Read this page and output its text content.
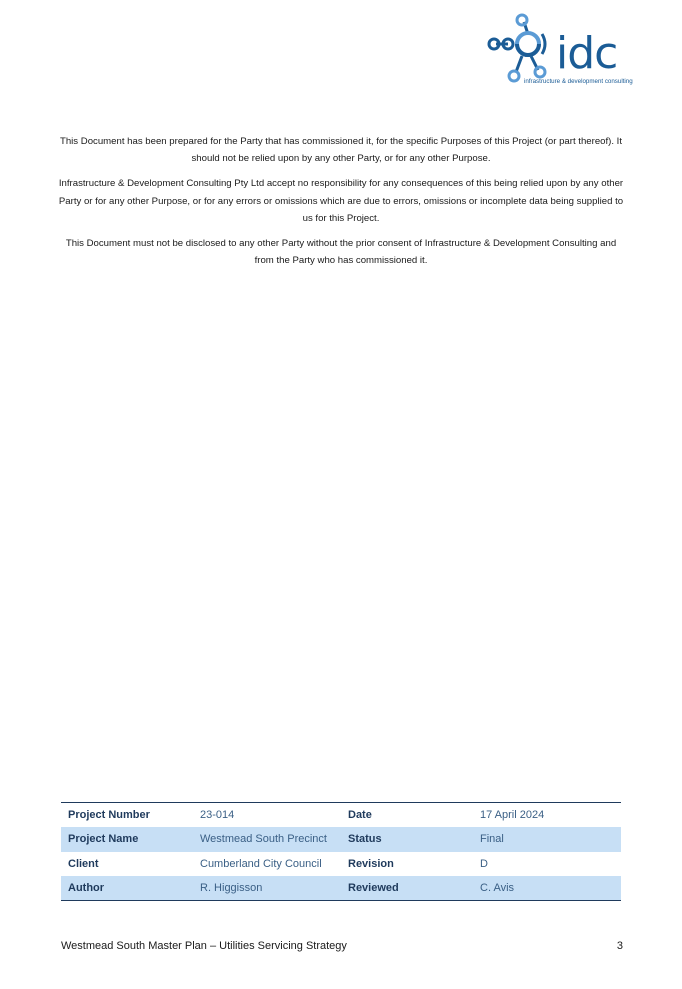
idc
infrastructure & development consulting

This Document has been prepared for the Party that has commissioned it, for the specific Purposes of this Project (or part thereof). It should not be relied upon by any other Party, or for any other Purpose.

Infrastructure & Development Consulting Pty Ltd accept no responsibility for any consequences of this being relied upon by any other Party or for any other Purpose, or for any errors or omissions which are due to errors, omissions or incomplete data being supplied to us for this Project.

This Document must not be disclosed to any other Party without the prior consent of Infrastructure & Development Consulting and from the Party who has commissioned it.

Project Number	23-014	Date	17 April 2024
Project Name	Westmead South Precinct	Status	Final
Client	Cumberland City Council	Revision	D
Author	R. Higgisson	Reviewed	C. Avis
Westmead South Master Plan – Utilities Servicing Strategy	3
